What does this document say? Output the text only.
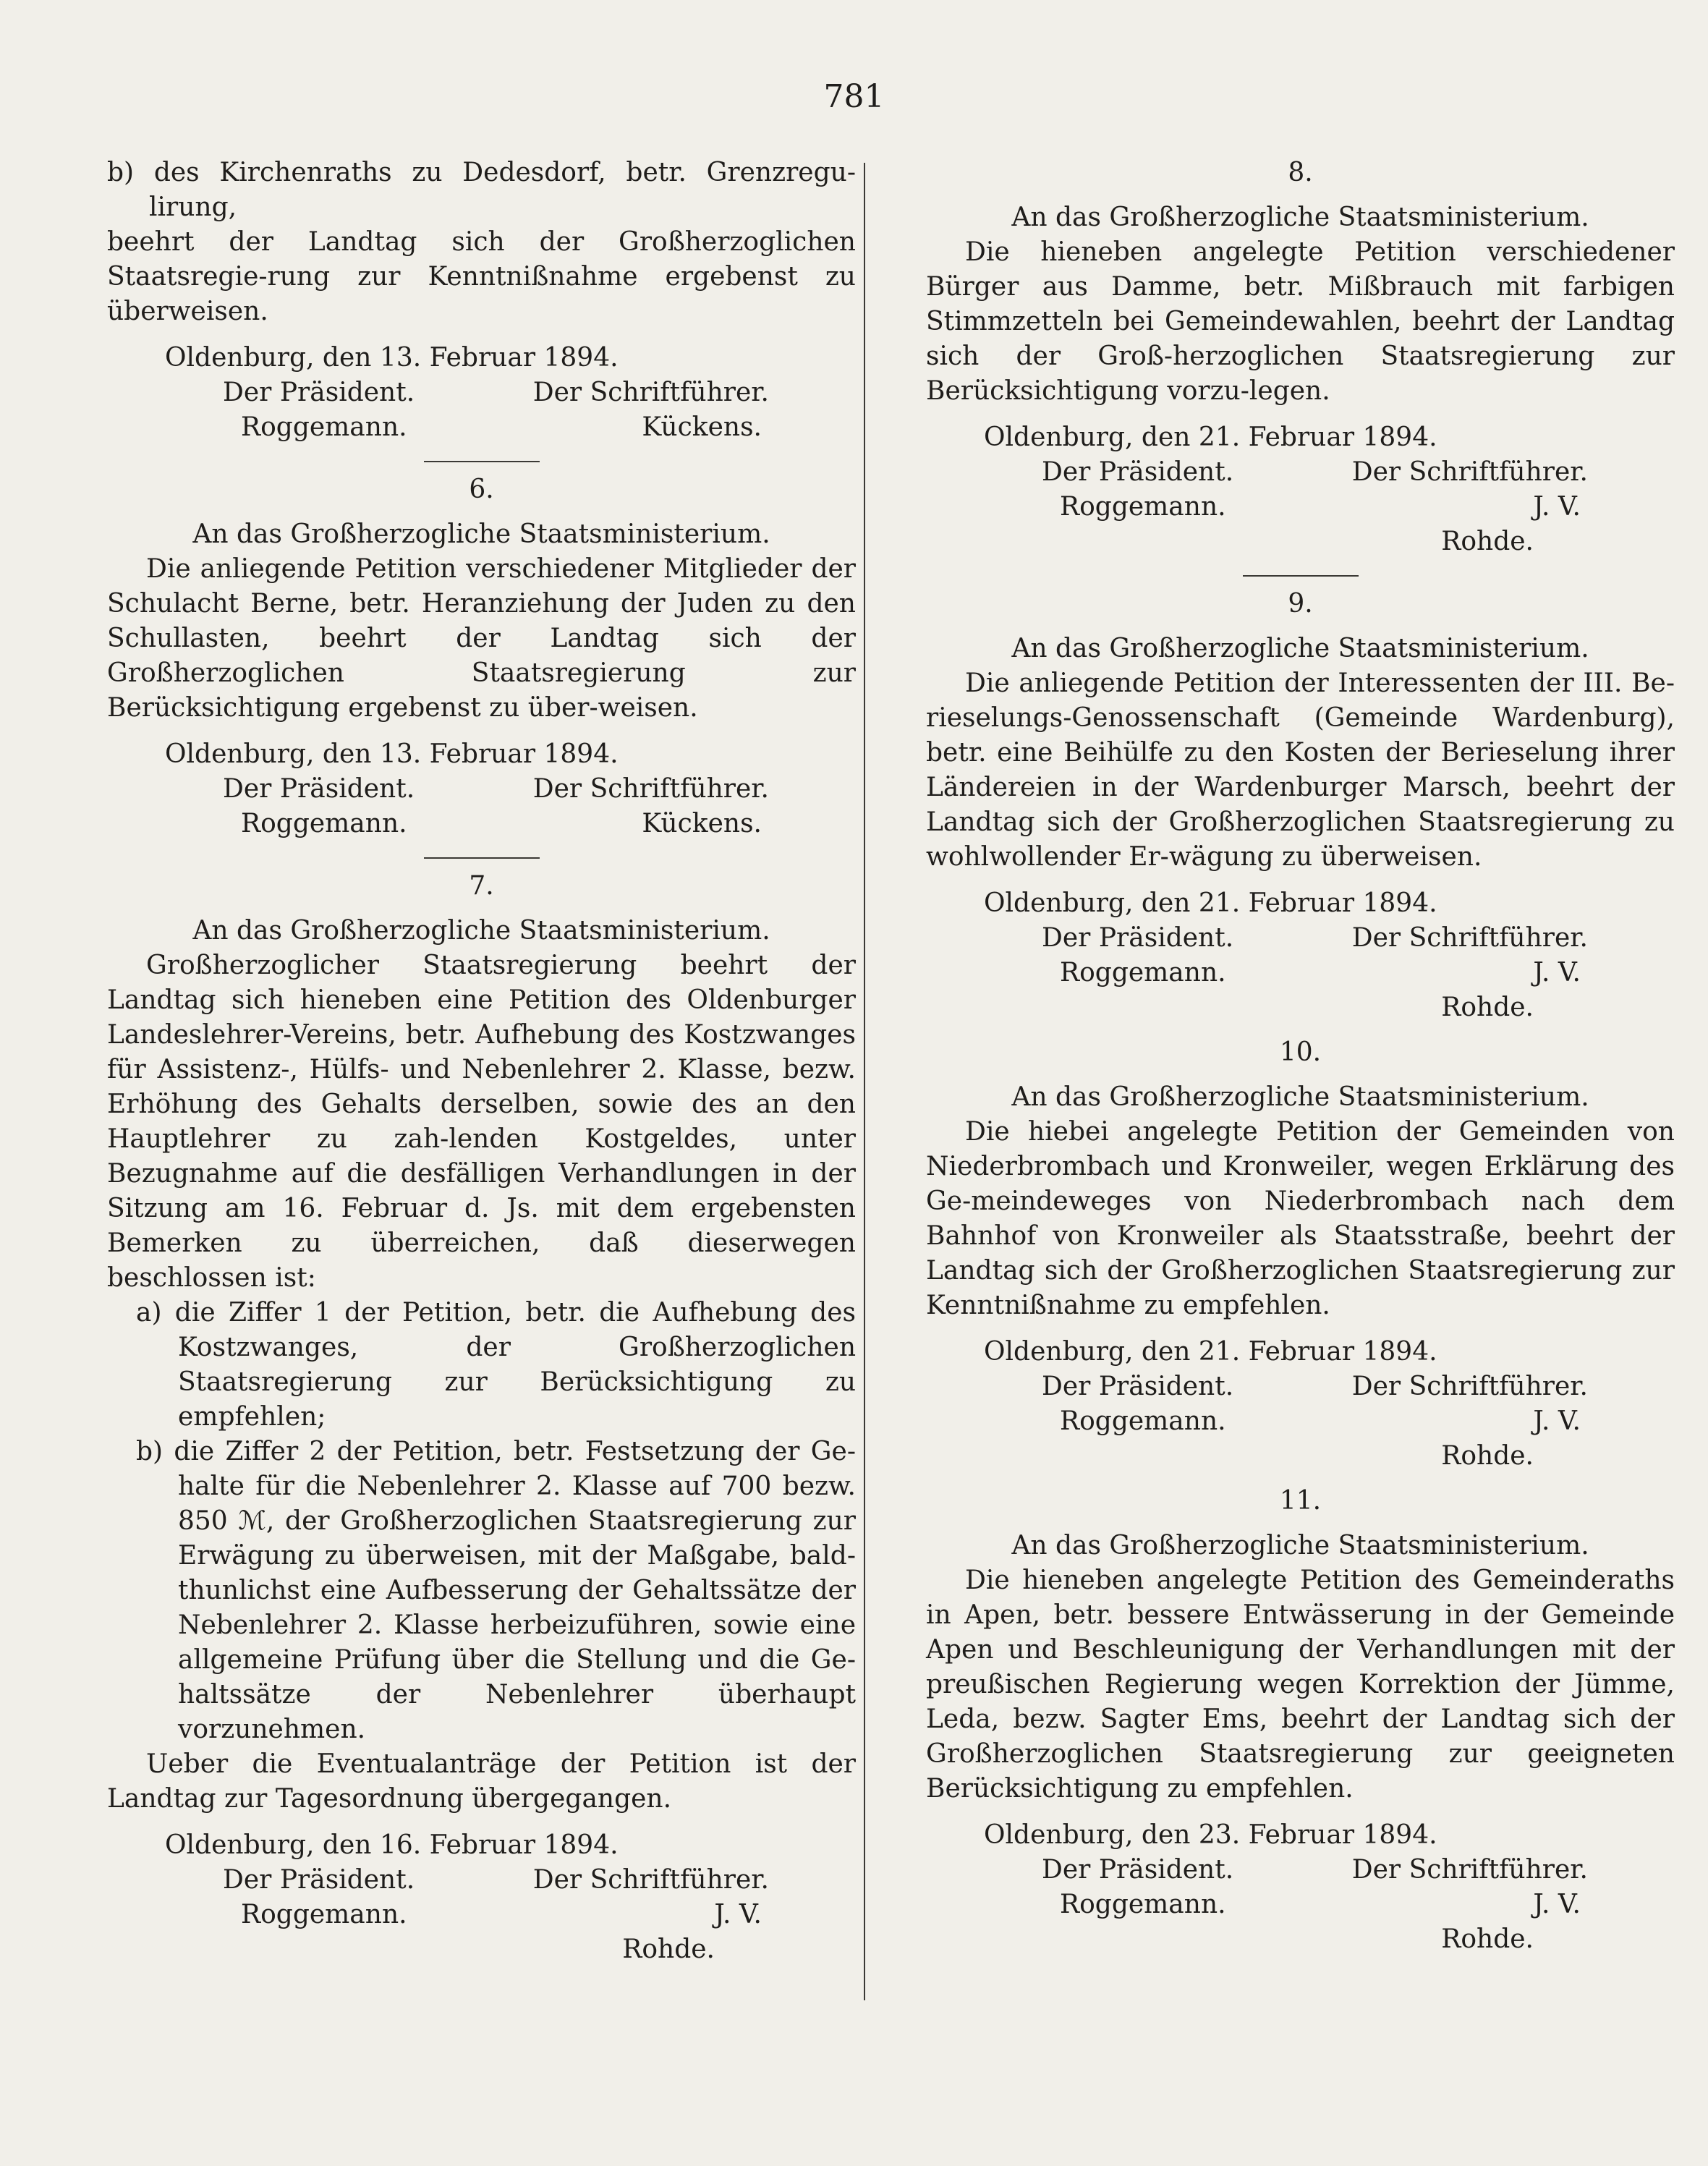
781
b) des Kirchenraths zu Dedesdorf, betr. Grenzregu-lirung,
beehrt der Landtag sich der Großherzoglichen Staatsregie-rung zur Kenntnißnahme ergebenst zu überweisen.
Oldenburg, den 13. Februar 1894.
Der Präsident.	Der Schriftführer.
Roggemann.	Kückens.
6.
An das Großherzogliche Staatsministerium.
Die anliegende Petition verschiedener Mitglieder der Schulacht Berne, betr. Heranziehung der Juden zu den Schullasten, beehrt der Landtag sich der Großherzoglichen Staatsregierung zur Berücksichtigung ergebenst zu über-weisen.
Oldenburg, den 13. Februar 1894.
Der Präsident.	Der Schriftführer.
Roggemann.	Kückens.
7.
An das Großherzogliche Staatsministerium.
Großherzoglicher Staatsregierung beehrt der Landtag sich hieneben eine Petition des Oldenburger Landeslehrer-Vereins, betr. Aufhebung des Kostzwanges für Assistenz-, Hülfs- und Nebenlehrer 2. Klasse, bezw. Erhöhung des Gehalts derselben, sowie des an den Hauptlehrer zu zah-lenden Kostgeldes, unter Bezugnahme auf die desfälligen Verhandlungen in der Sitzung am 16. Februar d. Js. mit dem ergebensten Bemerken zu überreichen, daß dieserwegen beschlossen ist:
a) die Ziffer 1 der Petition, betr. die Aufhebung des Kostzwanges, der Großherzoglichen Staatsregierung zur Berücksichtigung zu empfehlen;
b) die Ziffer 2 der Petition, betr. Festsetzung der Ge-halte für die Nebenlehrer 2. Klasse auf 700 bezw. 850 ℳ, der Großherzoglichen Staatsregierung zur Erwägung zu überweisen, mit der Maßgabe, bald-thunlichst eine Aufbesserung der Gehaltssätze der Nebenlehrer 2. Klasse herbeizuführen, sowie eine allgemeine Prüfung über die Stellung und die Ge-haltssätze der Nebenlehrer überhaupt vorzunehmen.
Ueber die Eventualanträge der Petition ist der Landtag zur Tagesordnung übergegangen.
Oldenburg, den 16. Februar 1894.
Der Präsident.	Der Schriftführer.
Roggemann.	J. V.
Rohde.
8.
An das Großherzogliche Staatsministerium.
Die hieneben angelegte Petition verschiedener Bürger aus Damme, betr. Mißbrauch mit farbigen Stimmzetteln bei Gemeindewahlen, beehrt der Landtag sich der Groß-herzoglichen Staatsregierung zur Berücksichtigung vorzu-legen.
Oldenburg, den 21. Februar 1894.
Der Präsident.	Der Schriftführer.
Roggemann.	J. V.
Rohde.
9.
An das Großherzogliche Staatsministerium.
Die anliegende Petition der Interessenten der III. Be-rieselungs-Genossenschaft (Gemeinde Wardenburg), betr. eine Beihülfe zu den Kosten der Berieselung ihrer Ländereien in der Wardenburger Marsch, beehrt der Landtag sich der Großherzoglichen Staatsregierung zu wohlwollender Er-wägung zu überweisen.
Oldenburg, den 21. Februar 1894.
Der Präsident.	Der Schriftführer.
Roggemann.	J. V.
Rohde.
10.
An das Großherzogliche Staatsministerium.
Die hiebei angelegte Petition der Gemeinden von Niederbrombach und Kronweiler, wegen Erklärung des Ge-meindeweges von Niederbrombach nach dem Bahnhof von Kronweiler als Staatsstraße, beehrt der Landtag sich der Großherzoglichen Staatsregierung zur Kenntnißnahme zu empfehlen.
Oldenburg, den 21. Februar 1894.
Der Präsident.	Der Schriftführer.
Roggemann.	J. V.
Rohde.
11.
An das Großherzogliche Staatsministerium.
Die hieneben angelegte Petition des Gemeinderaths in Apen, betr. bessere Entwässerung in der Gemeinde Apen und Beschleunigung der Verhandlungen mit der preußischen Regierung wegen Korrektion der Jümme, Leda, bezw. Sagter Ems, beehrt der Landtag sich der Großherzoglichen Staatsregierung zur geeigneten Berücksichtigung zu empfehlen.
Oldenburg, den 23. Februar 1894.
Der Präsident.	Der Schriftführer.
Roggemann.	J. V.
Rohde.
